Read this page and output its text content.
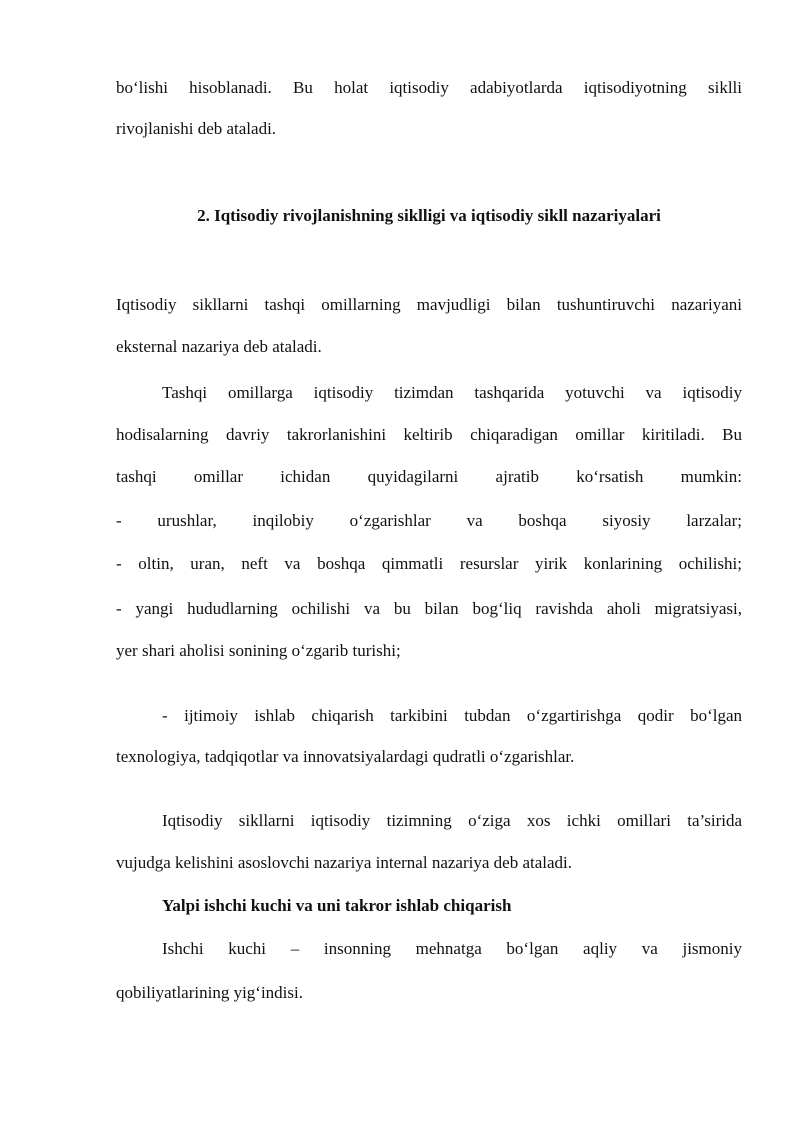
bo‘lishi hisoblanadi. Bu holat iqtisodiy adabiyotlarda iqtisodiyotning siklli
rivojlanishi deb ataladi.
2. Iqtisodiy rivojlanishning siklligi va iqtisodiy sikll nazariyalari
Iqtisodiy sikllarni tashqi omillarning mavjudligi bilan tushuntiruvchi nazariyani
eksternal nazariya deb ataladi.
Tashqi omillarga iqtisodiy tizimdan tashqarida yotuvchi va iqtisodiy
hodisalarning davriy takrorlanishini keltirib chiqaradigan omillar kiritiladi. Bu
tashqi omillar ichidan quyidagilarni ajratib ko‘rsatish mumkin:
- urushlar, inqilobiy o‘zgarishlar va boshqa siyosiy larzalar;
- oltin, uran, neft va boshqa qimmatli resurslar yirik konlarining ochilishi;
- yangi hududlarning ochilishi va bu bilan bog‘liq ravishda aholi migratsiyasi,
yer shari aholisi sonining o‘zgarib turishi;
- ijtimoiy ishlab chiqarish tarkibini tubdan o‘zgartirishga qodir bo‘lgan
texnologiya, tadqiqotlar va innovatsiyalardagi qudratli o‘zgarishlar.
Iqtisodiy sikllarni iqtisodiy tizimning o‘ziga xos ichki omillari ta’sirida
vujudga kelishini asoslovchi nazariya internal nazariya deb ataladi.
Yalpi ishchi kuchi va uni takror ishlab chiqarish
Ishchi kuchi – insonning mehnatga bo‘lgan aqliy va jismoniy
qobiliyatlarining yig‘indisi.
